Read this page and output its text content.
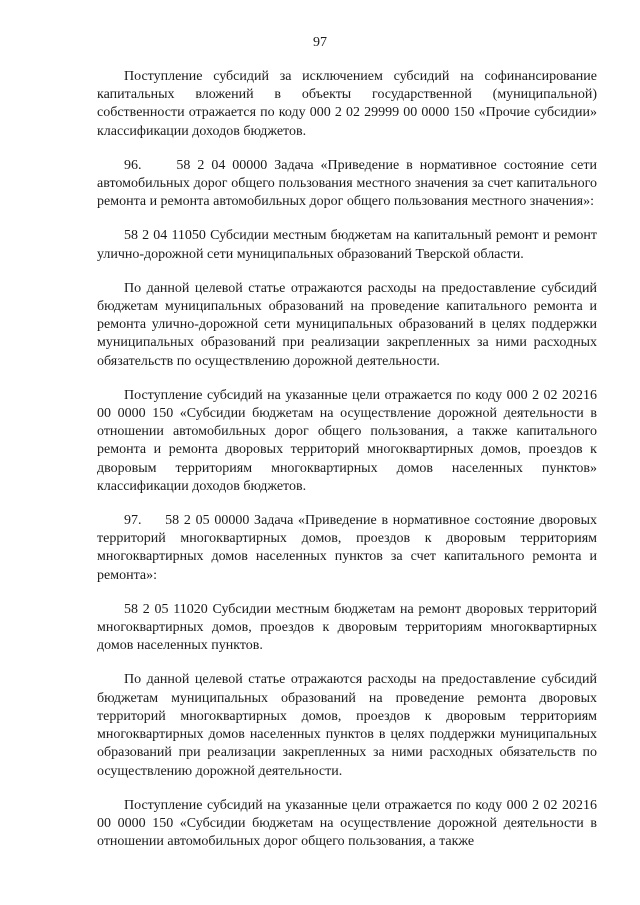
97

Поступление субсидий за исключением субсидий на софинансирование капитальных вложений в объекты государственной (муниципальной) собственности отражается по коду 000 2 02 29999 00 0000 150 «Прочие субсидии» классификации доходов бюджетов.

96.     58 2 04 00000 Задача «Приведение в нормативное состояние сети автомобильных дорог общего пользования местного значения за счет капитального ремонта и ремонта автомобильных дорог общего пользования местного значения»:

58 2 04 11050 Субсидии местным бюджетам на капитальный ремонт и ремонт улично-дорожной сети муниципальных образований Тверской области.

По данной целевой статье отражаются расходы на предоставление субсидий бюджетам муниципальных образований на проведение капитального ремонта и ремонта улично-дорожной сети муниципальных образований в целях поддержки муниципальных образований при реализации закрепленных за ними расходных обязательств по осуществлению дорожной деятельности.

Поступление субсидий на указанные цели отражается по коду 000 2 02 20216 00 0000 150 «Субсидии бюджетам на осуществление дорожной деятельности в отношении автомобильных дорог общего пользования, а также капитального ремонта и ремонта дворовых территорий многоквартирных домов, проездов к дворовым территориям многоквартирных домов населенных пунктов» классификации доходов бюджетов.

97.     58 2 05 00000 Задача «Приведение в нормативное состояние дворовых территорий многоквартирных домов, проездов к дворовым территориям многоквартирных домов населенных пунктов за счет капитального ремонта и ремонта»:

58 2 05 11020 Субсидии местным бюджетам на ремонт дворовых территорий многоквартирных домов, проездов к дворовым территориям многоквартирных домов населенных пунктов.

По данной целевой статье отражаются расходы на предоставление субсидий бюджетам муниципальных образований на проведение ремонта дворовых территорий многоквартирных домов, проездов к дворовым территориям многоквартирных домов населенных пунктов в целях поддержки муниципальных образований при реализации закрепленных за ними расходных обязательств по осуществлению дорожной деятельности.

Поступление субсидий на указанные цели отражается по коду 000 2 02 20216 00 0000 150 «Субсидии бюджетам на осуществление дорожной деятельности в отношении автомобильных дорог общего пользования, а также
